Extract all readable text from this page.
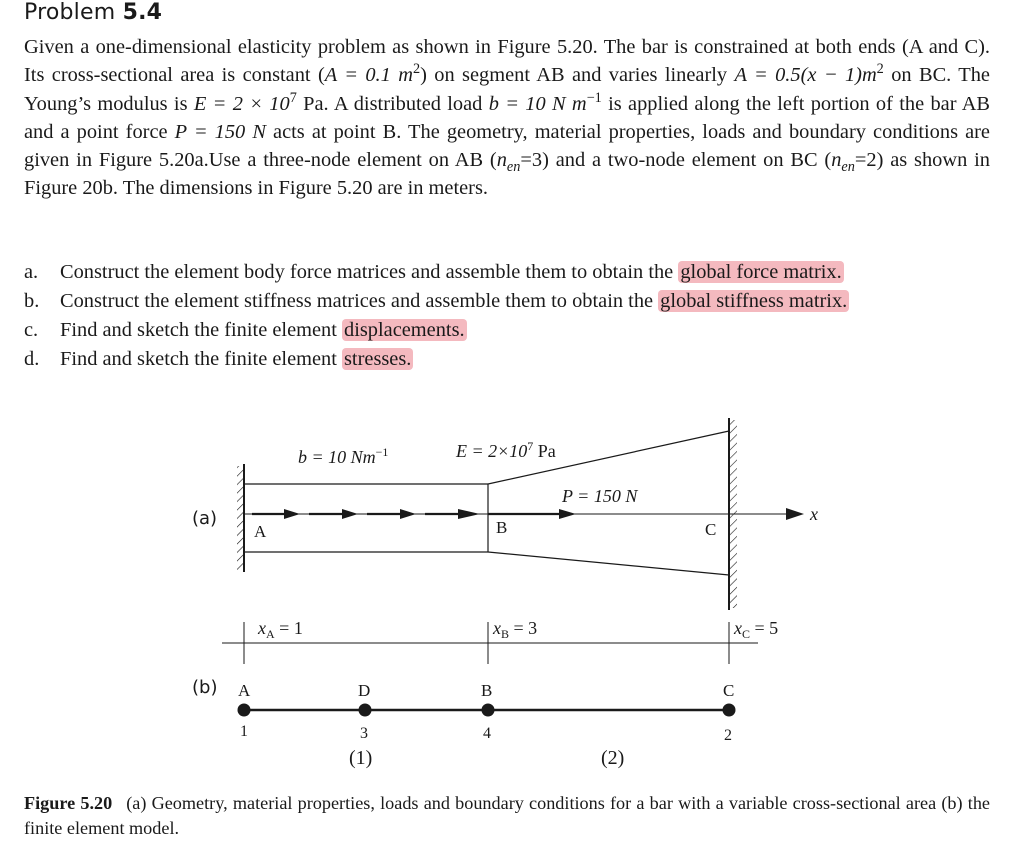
Problem 5.4
Given a one-dimensional elasticity problem as shown in Figure 5.20. The bar is constrained at both ends (A and C). Its cross-sectional area is constant (A = 0.1 $m^2$) on segment AB and varies linearly $A = 0.5(x - 1)m^2$ on BC. The Young’s modulus is $E = 2 \times 10^7$ Pa. A distributed load b = 10 N $m^{-1}$ is applied along the left portion of the bar AB and a point force P = 150 N acts at point B. The geometry, material properties, loads and boundary conditions are given in Figure 5.20a.Use a three-node element on AB $(n_{en}=3)$ and a two-node element on BC $(n_{en}=2)$ as shown in Figure 20b. The dimensions in Figure 5.20 are in meters.
a. Construct the element body force matrices and assemble them to obtain the global force matrix.
b. Construct the element stiffness matrices and assemble them to obtain the global stiffness matrix.
c. Find and sketch the finite element displacements.
d. Find and sketch the finite element stresses.
(a)
(b)
x
b = 10 $Nm^{-1}$	$E = 2\times 10^7$ Pa
P = 150 N
A	B	C
$x_A = 1$	$x_B = 3$	$x_C = 5$
A	D	B	C
1	3	4	2
(1)	(2)
Figure 5.20 (a) Geometry, material properties, loads and boundary conditions for a bar with a variable cross-sectional area (b) the finite element model.
